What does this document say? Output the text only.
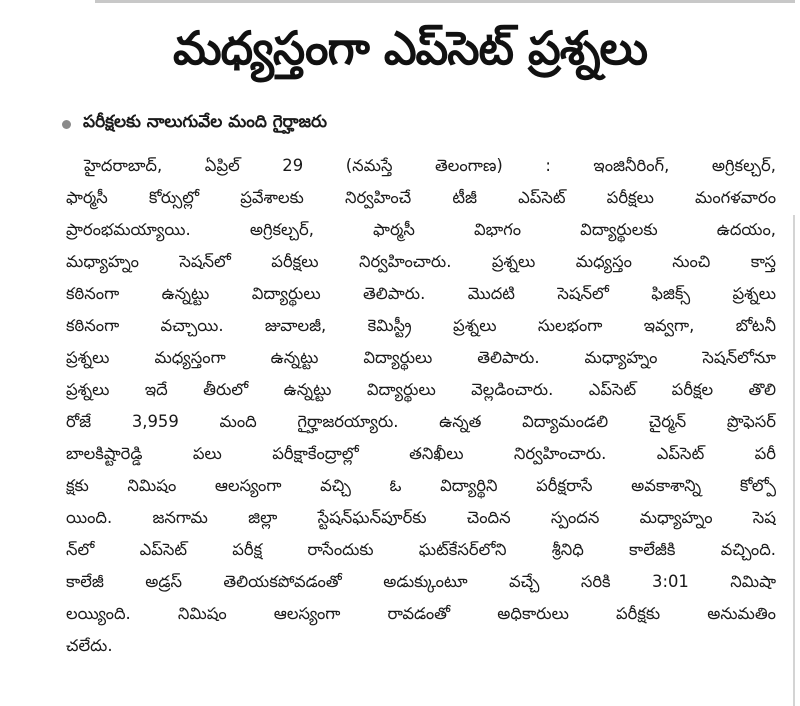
మధ్యస్తంగా ఎప్‌సెట్ ప్రశ్నలు
పరీక్షలకు నాలుగువేల మంది గైర్హాజరు
హైదరాబాద్, ఏప్రిల్ 29 (నమస్తే తెలంగాణ) : ఇంజినీరింగ్, అగ్రికల్చర్,
ఫార్మసీ కోర్సుల్లో ప్రవేశాలకు నిర్వహించే టీజీ ఎప్‌సెట్ పరీక్షలు మంగళవారం
ప్రారంభమయ్యాయి. అగ్రికల్చర్, ఫార్మసీ విభాగం విద్యార్థులకు ఉదయం,
మధ్యాహ్నం సెషన్‌లో పరీక్షలు నిర్వహించారు. ప్రశ్నలు మధ్యస్తం నుంచి కాస్త
కఠినంగా ఉన్నట్టు విద్యార్థులు తెలిపారు. మొదటి సెషన్‌లో ఫిజిక్స్ ప్రశ్నలు
కఠినంగా వచ్చాయి. జువాలజీ, కెమిస్ట్రీ ప్రశ్నలు సులభంగా ఇవ్వగా, బోటనీ
ప్రశ్నలు మధ్యస్తంగా ఉన్నట్టు విద్యార్థులు తెలిపారు. మధ్యాహ్నం సెషన్‌లోనూ
ప్రశ్నలు ఇదే తీరులో ఉన్నట్టు విద్యార్థులు వెల్లడించారు. ఎప్‌సెట్ పరీక్షల తొలి
రోజే 3,959 మంది గైర్హాజరయ్యారు. ఉన్నత విద్యామండలి చైర్మన్ ప్రొఫెసర్
బాలకిష్టారెడ్డి పలు పరీక్షాకేంద్రాల్లో తనిఖీలు నిర్వహించారు. ఎప్‌సెట్ పరీ
క్షకు నిమిషం ఆలస్యంగా వచ్చి ఓ విద్యార్థిని పరీక్షరాసే అవకాశాన్ని కోల్పో
యింది. జనగామ జిల్లా స్టేషన్‌ఘన్‌పూర్‌కు చెందిన స్పందన మధ్యాహ్నం సెష
న్‌లో ఎప్‌సెట్ పరీక్ష రాసేందుకు ఘట్‌కేసర్‌లోని శ్రీనిధి కాలేజీకి వచ్చింది.
కాలేజీ అడ్రస్ తెలియకపోవడంతో అడుక్కుంటూ వచ్చే సరికి 3:01 నిమిషా
లయ్యింది. నిమిషం ఆలస్యంగా రావడంతో అధికారులు పరీక్షకు అనుమతిం
చలేదు.
